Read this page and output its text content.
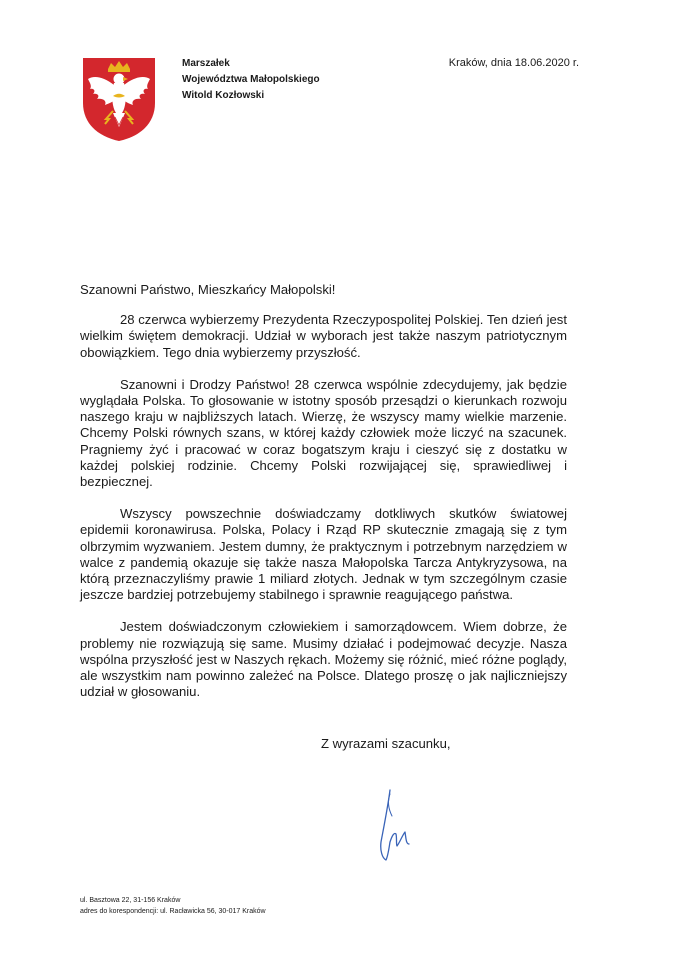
Marszałek
Województwa Małopolskiego
Witold Kozłowski
Kraków, dnia 18.06.2020 r.
Szanowni Państwo, Mieszkańcy Małopolski!

28 czerwca wybierzemy Prezydenta Rzeczypospolitej Polskiej. Ten dzień jest wielkim świętem demokracji. Udział w wyborach jest także naszym patriotycznym obowiązkiem. Tego dnia wybierzemy przyszłość.

Szanowni i Drodzy Państwo! 28 czerwca wspólnie zdecydujemy, jak będzie wyglądała Polska. To głosowanie w istotny sposób przesądzi o kierunkach rozwoju naszego kraju w najbliższych latach. Wierzę, że wszyscy mamy wielkie marzenie. Chcemy Polski równych szans, w której każdy człowiek może liczyć na szacunek. Pragniemy żyć i pracować w coraz bogatszym kraju i cieszyć się z dostatku w każdej polskiej rodzinie. Chcemy Polski rozwijającej się, sprawiedliwej i bezpiecznej.

Wszyscy powszechnie doświadczamy dotkliwych skutków światowej epidemii koronawirusa. Polska, Polacy i Rząd RP skutecznie zmagają się z tym olbrzymim wyzwaniem. Jestem dumny, że praktycznym i potrzebnym narzędziem w walce z pandemią okazuje się także nasza Małopolska Tarcza Antykryzysowa, na którą przeznaczyliśmy prawie 1 miliard złotych. Jednak w tym szczególnym czasie jeszcze bardziej potrzebujemy stabilnego i sprawnie reagującego państwa.

Jestem doświadczonym człowiekiem i samorządowcem. Wiem dobrze, że problemy nie rozwiązują się same. Musimy działać i podejmować decyzje. Nasza wspólna przyszłość jest w Naszych rękach. Możemy się różnić, mieć różne poglądy, ale wszystkim nam powinno zależeć na Polsce. Dlatego proszę o jak najliczniejszy udział w głosowaniu.

Z wyrazami szacunku,
ul. Basztowa 22, 31-156 Kraków
adres do korespondencji: ul. Racławicka 56, 30-017 Kraków
